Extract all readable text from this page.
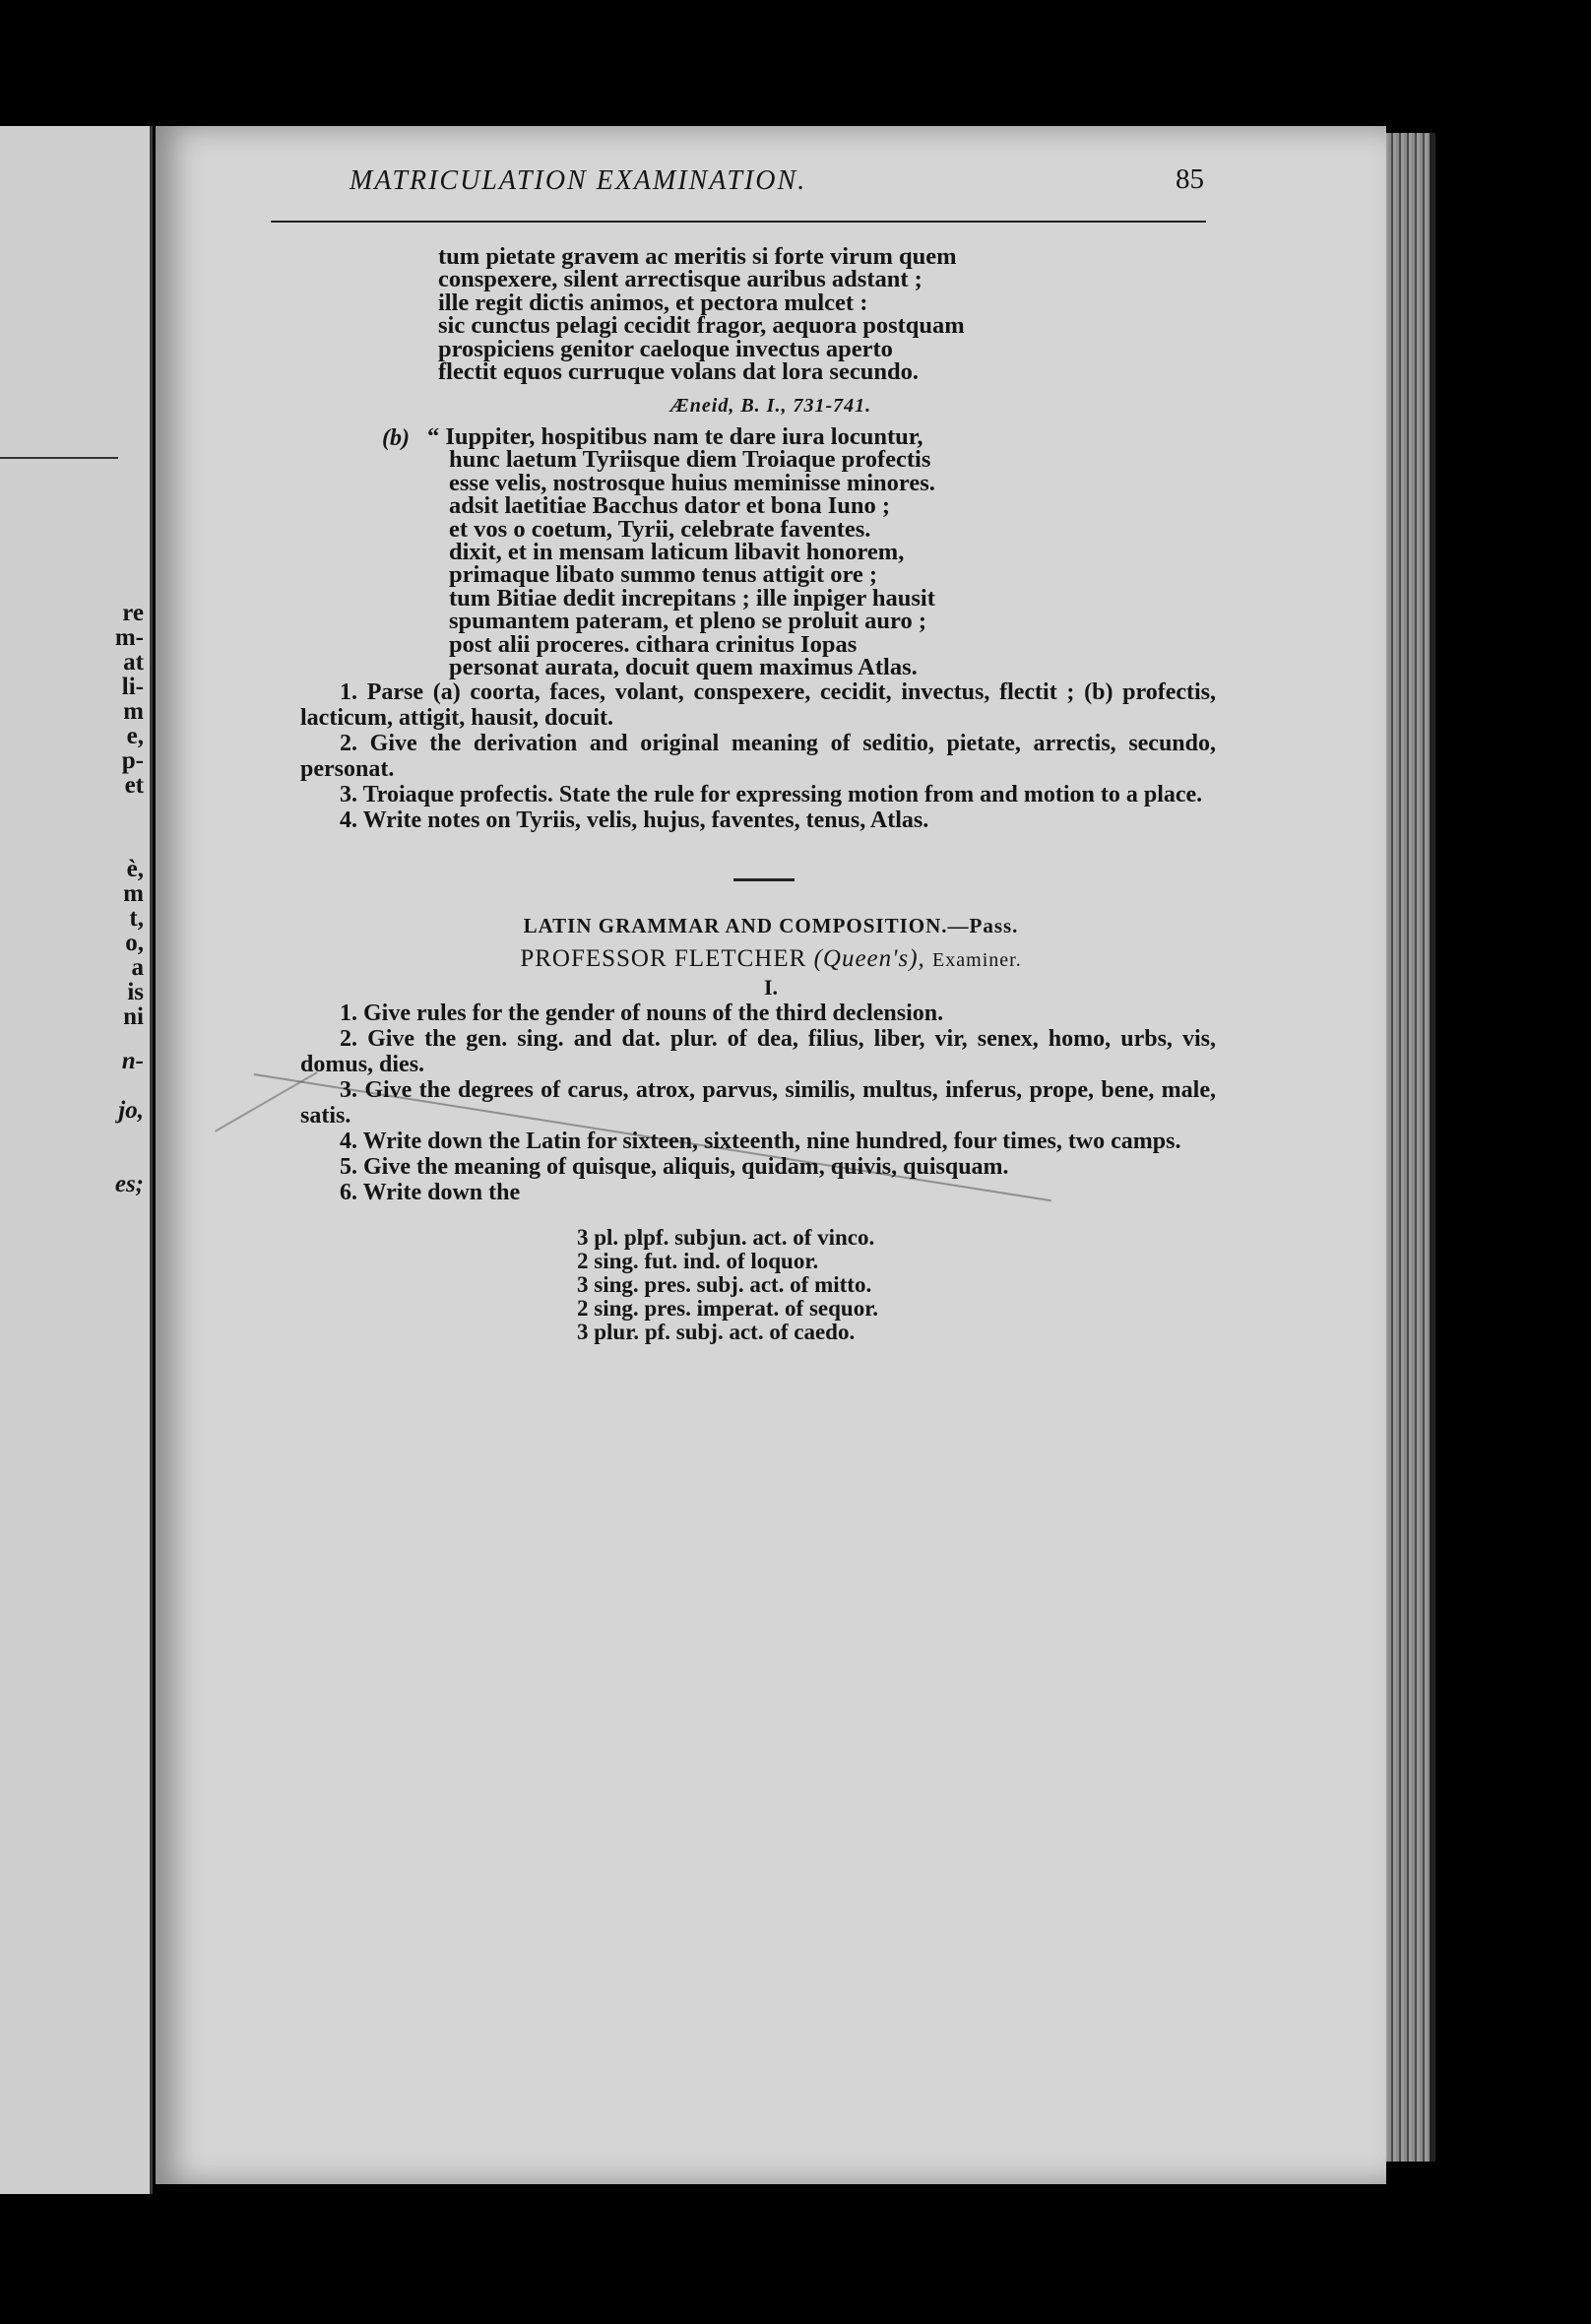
re
m-
at
li-
m
e,
p-
et
è,
m
t,
o,
a
is
ni
n-
jo,
es;
MATRICULATION EXAMINATION.	85
tum pietate gravem ac meritis si forte virum quem
conspexere, silent arrectisque auribus adstant ;
ille regit dictis animos, et pectora mulcet :
sic cunctus pelagi cecidit fragor, aequora postquam
prospiciens genitor caeloque invectus aperto
flectit equos curruque volans dat lora secundo.
Æneid, B. I., 731-741.
(b) “ Iuppiter, hospitibus nam te dare iura locuntur,
hunc laetum Tyriisque diem Troiaque profectis
esse velis, nostrosque huius meminisse minores.
adsit laetitiae Bacchus dator et bona Iuno ;
et vos o coetum, Tyrii, celebrate faventes.
dixit, et in mensam laticum libavit honorem,
primaque libato summo tenus attigit ore ;
tum Bitiae dedit increpitans ; ille inpiger hausit
spumantem pateram, et pleno se proluit auro ;
post alii proceres. cithara crinitus Iopas
personat aurata, docuit quem maximus Atlas.

1. Parse (a) coorta, faces, volant, conspexere, cecidit, invectus, flectit ; (b) profectis, lacticum, attigit, hausit, docuit.

2. Give the derivation and original meaning of seditio, pietate, arrectis, secundo, personat.

3. Troiaque profectis. State the rule for expressing motion from and motion to a place.

4. Write notes on Tyriis, velis, hujus, faventes, tenus, Atlas.

LATIN GRAMMAR AND COMPOSITION.—Pass.
PROFESSOR FLETCHER (Queen's), Examiner.
I.

1. Give rules for the gender of nouns of the third declension.

2. Give the gen. sing. and dat. plur. of dea, filius, liber, vir, senex, homo, urbs, vis, domus, dies.

3. Give the degrees of carus, atrox, parvus, similis, multus, inferus, prope, bene, male, satis.

4. Write down the Latin for sixteen, sixteenth, nine hundred, four times, two camps.

5. Give the meaning of quisque, aliquis, quidam, quivis, quisquam.

6. Write down the

3 pl. plpf. subjun. act. of vinco.
2 sing. fut. ind. of loquor.
3 sing. pres. subj. act. of mitto.
2 sing. pres. imperat. of sequor.
3 plur. pf. subj. act. of caedo.
